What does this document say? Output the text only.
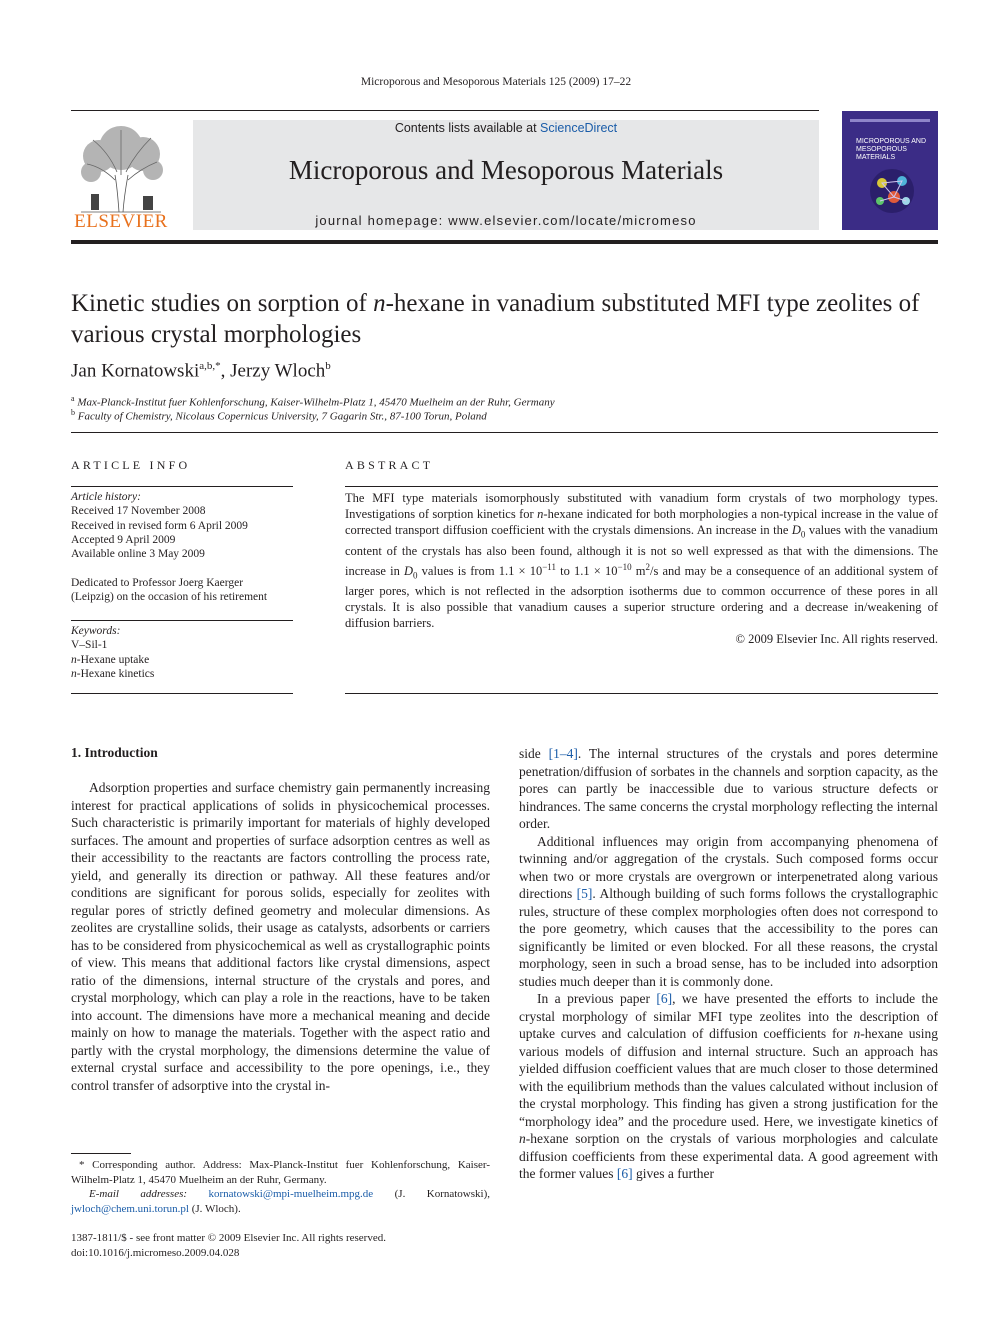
Microporous and Mesoporous Materials 125 (2009) 17–22
ELSEVIER
Contents lists available at ScienceDirect
Microporous and Mesoporous Materials
journal homepage: www.elsevier.com/locate/micromeso
MICROPOROUS AND MESOPOROUS MATERIALS
Kinetic studies on sorption of n-hexane in vanadium substituted MFI type zeolites of various crystal morphologies
Jan Kornatowski$^{a,b,*}$, Jerzy Wloch$^b$
$^a$ Max-Planck-Institut fuer Kohlenforschung, Kaiser-Wilhelm-Platz 1, 45470 Muelheim an der Ruhr, Germany
$^b$ Faculty of Chemistry, Nicolaus Copernicus University, 7 Gagarin Str., 87-100 Torun, Poland
ARTICLE INFO
Article history:
Received 17 November 2008
Received in revised form 6 April 2009
Accepted 9 April 2009
Available online 3 May 2009
Dedicated to Professor Joerg Kaerger
(Leipzig) on the occasion of his retirement
Keywords:
V–Sil-1
n-Hexane uptake
n-Hexane kinetics
ABSTRACT
The MFI type materials isomorphously substituted with vanadium form crystals of two morphology types. Investigations of sorption kinetics for n-hexane indicated for both morphologies a non-typical increase in the value of corrected transport diffusion coefficient with the crystals dimensions. An increase in the $D_0$ values with the vanadium content of the crystals has also been found, although it is not so well expressed as that with the dimensions. The increase in $D_0$ values is from $1.1 \times 10^{-11}$ to $1.1 \times 10^{-10}$ $m^2/s$ and may be a consequence of an additional system of larger pores, which is not reflected in the adsorption isotherms due to common occurrence of these pores in all crystals. It is also possible that vanadium causes a superior structure ordering and a decrease in/weakening of diffusion barriers.
© 2009 Elsevier Inc. All rights reserved.
1. Introduction

Adsorption properties and surface chemistry gain permanently increasing interest for practical applications of solids in physicochemical processes. Such characteristic is primarily important for materials of highly developed surfaces. The amount and properties of surface adsorption centres as well as their accessibility to the reactants are factors controlling the process rate, yield, and generally its direction or pathway. All these features and/or conditions are significant for porous solids, especially for zeolites with regular pores of strictly defined geometry and molecular dimensions. As zeolites are crystalline solids, their usage as catalysts, adsorbents or carriers has to be considered from physicochemical as well as crystallographic points of view. This means that additional factors like crystal dimensions, aspect ratio of the dimensions, internal structure of the crystals and pores, and crystal morphology, which can play a role in the reactions, have to be taken into account. The dimensions have more a mechanical meaning and decide mainly on how to manage the materials. Together with the aspect ratio and partly with the crystal morphology, the dimensions determine the value of external crystal surface and accessibility to the pore openings, i.e., they control transfer of adsorptive into the crystal in-

side [1–4]. The internal structures of the crystals and pores determine penetration/diffusion of sorbates in the channels and sorption capacity, as the pores can partly be inaccessible due to various structure defects or hindrances. The same concerns the crystal morphology reflecting the internal order.

Additional influences may origin from accompanying phenomena of twinning and/or aggregation of the crystals. Such composed forms occur when two or more crystals are overgrown or interpenetrated along various directions [5]. Although building of such forms follows the crystallographic rules, structure of these complex morphologies often does not correspond to the pore geometry, which causes that the accessibility to the pores can significantly be limited or even blocked. For all these reasons, the crystal morphology, seen in such a broad sense, has to be included into adsorption studies much deeper than it is commonly done.

In a previous paper [6], we have presented the efforts to include the crystal morphology of similar MFI type zeolites into the description of uptake curves and calculation of diffusion coefficients for n-hexane using various models of diffusion and internal structure. Such an approach has yielded diffusion coefficient values that are much closer to those determined with the equilibrium methods than the values calculated without inclusion of the crystal morphology. This finding has given a strong justification for the “morphology idea” and the procedure used. Here, we investigate kinetics of n-hexane sorption on the crystals of various morphologies and calculate diffusion coefficients from these experimental data. A good agreement with the former values [6] gives a further

* Corresponding author. Address: Max-Planck-Institut fuer Kohlenforschung, Kaiser-Wilhelm-Platz 1, 45470 Muelheim an der Ruhr, Germany.
E-mail addresses: kornatowski@mpi-muelheim.mpg.de (J. Kornatowski), jwloch@chem.uni.torun.pl (J. Wloch).
1387-1811/$ - see front matter © 2009 Elsevier Inc. All rights reserved.
doi:10.1016/j.micromeso.2009.04.028
